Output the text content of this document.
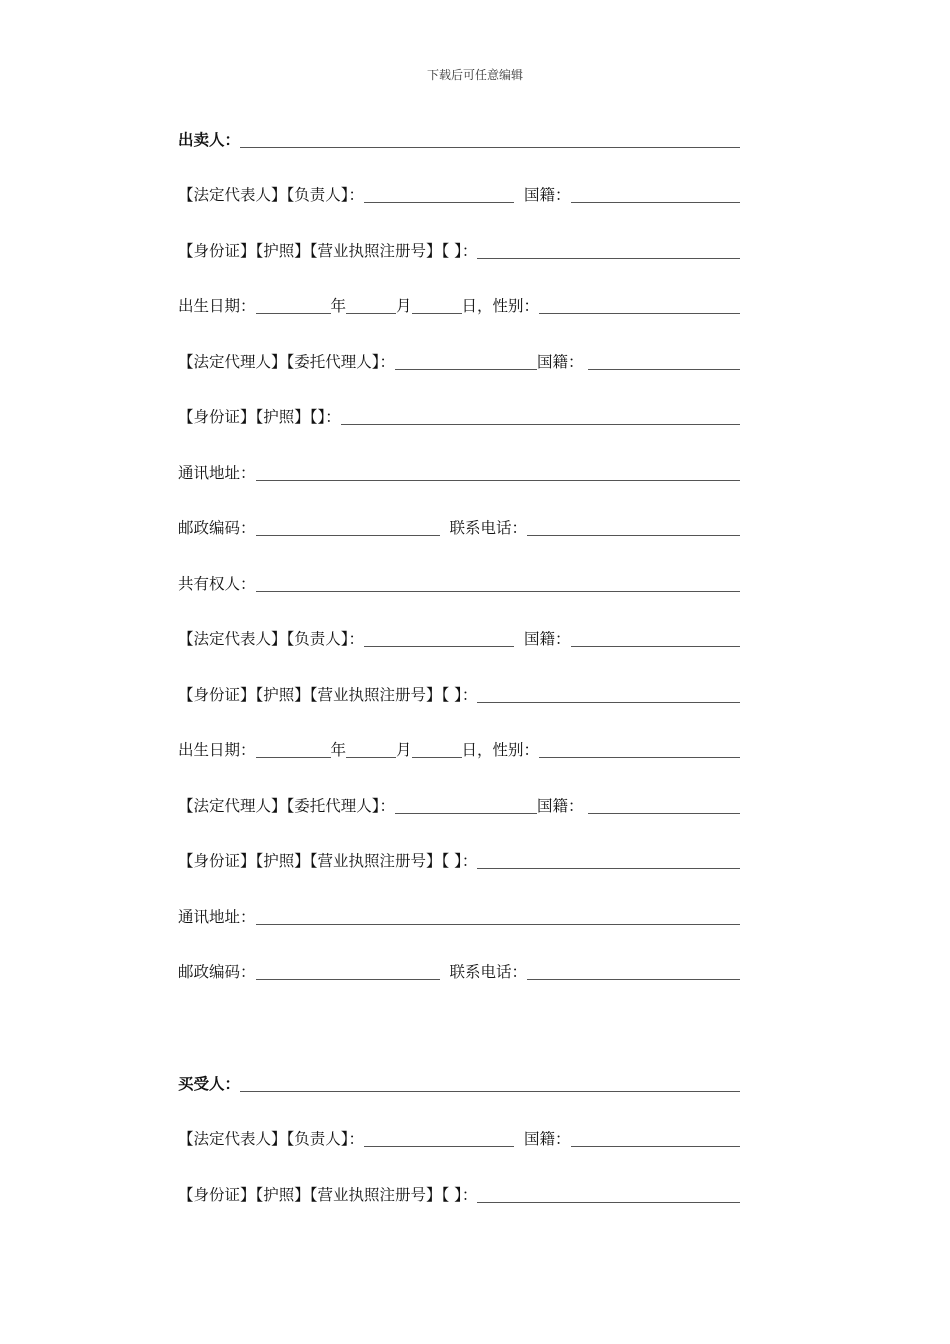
下载后可任意编辑
出卖人：
【法定代表人】【负责人】：	国籍：
【身份证】【护照】【营业执照注册号】【 】：
出生日期：	年	月	日，性别：
【法定代理人】【委托代理人】：	国籍：
【身份证】【护照】【】：
通讯地址：
邮政编码：	联系电话：
共有权人：
【法定代表人】【负责人】：	国籍：
【身份证】【护照】【营业执照注册号】【 】：
出生日期：	年	月	日，性别：
【法定代理人】【委托代理人】：	国籍：
【身份证】【护照】【营业执照注册号】【 】：
通讯地址：
邮政编码：	联系电话：
买受人：
【法定代表人】【负责人】：	国籍：
【身份证】【护照】【营业执照注册号】【 】：
